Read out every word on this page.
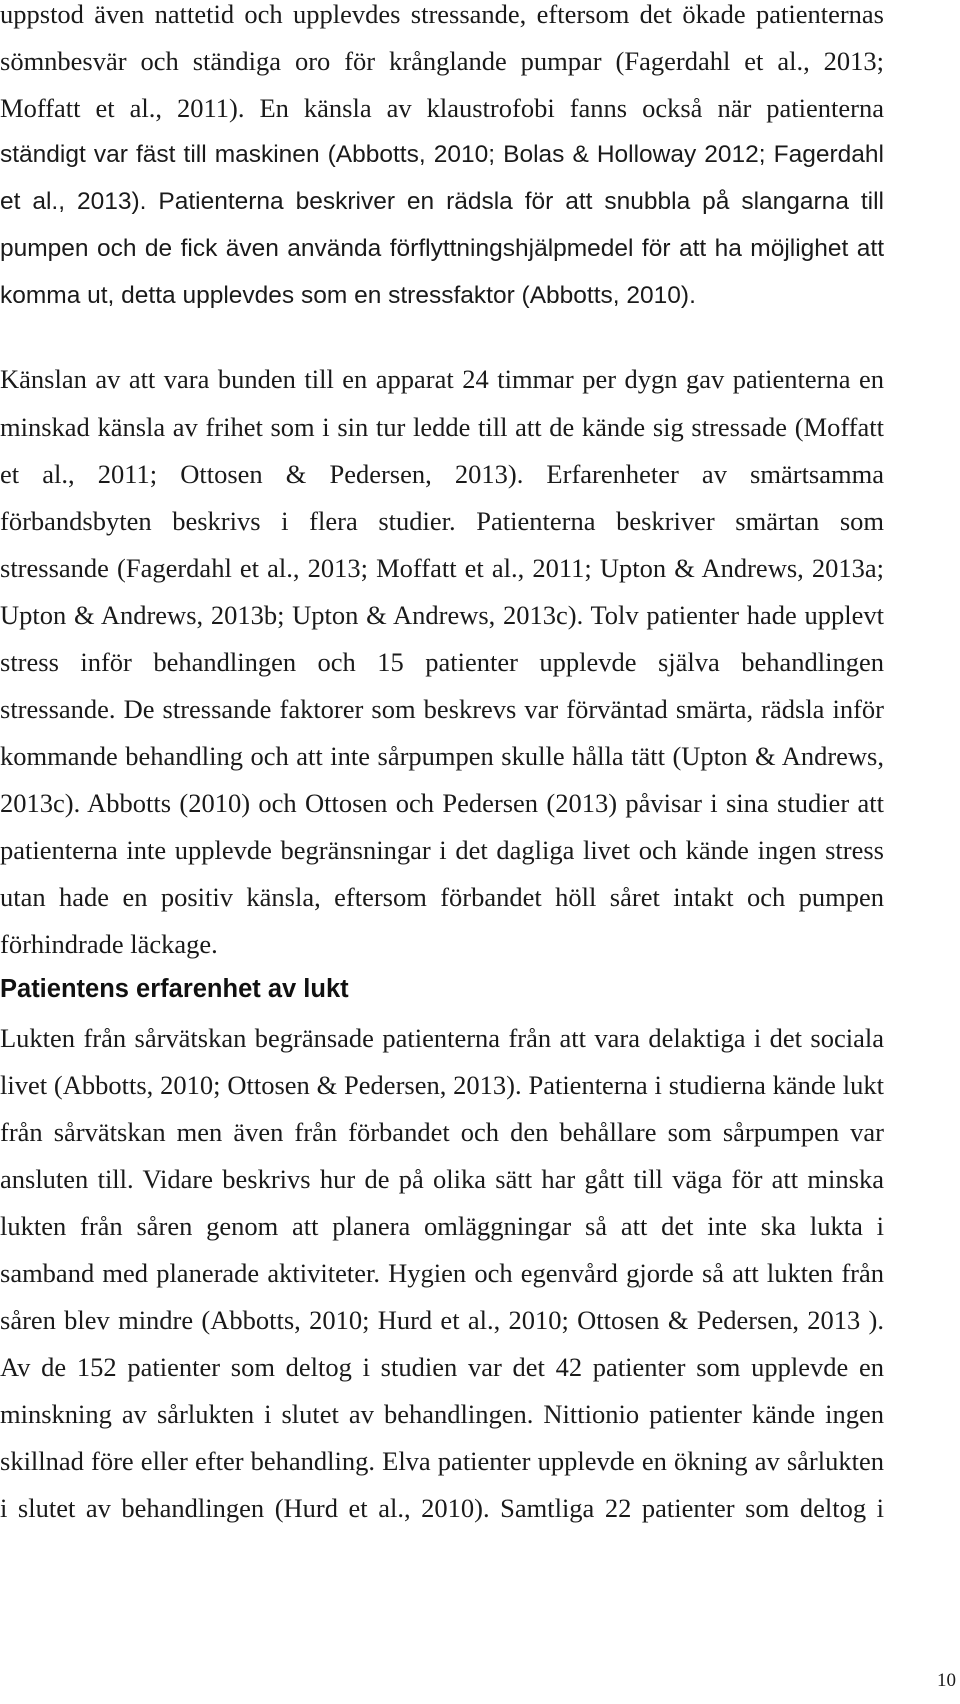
uppstod även nattetid och upplevdes stressande, eftersom det ökade patienternas
sömnbesvär och ständiga oro för krånglande pumpar (Fagerdahl et al., 2013;
Moffatt et al., 2011). En känsla av klaustrofobi fanns också när patienterna
ständigt var fäst till maskinen (Abbotts, 2010; Bolas & Holloway 2012; Fagerdahl
et al., 2013). Patienterna beskriver en rädsla för att snubbla på slangarna till
pumpen och de fick även använda förflyttningshjälpmedel för att ha möjlighet att
komma ut, detta upplevdes som en stressfaktor (Abbotts, 2010).
Känslan av att vara bunden till en apparat 24 timmar per dygn gav patienterna en
minskad känsla av frihet som i sin tur ledde till att de kände sig stressade (Moffatt
et al., 2011; Ottosen & Pedersen, 2013). Erfarenheter av smärtsamma
förbandsbyten beskrivs i flera studier. Patienterna beskriver smärtan som
stressande (Fagerdahl et al., 2013; Moffatt et al., 2011; Upton & Andrews, 2013a;
Upton & Andrews, 2013b; Upton & Andrews, 2013c). Tolv patienter hade upplevt
stress inför behandlingen och 15 patienter upplevde själva behandlingen
stressande. De stressande faktorer som beskrevs var förväntad smärta, rädsla inför
kommande behandling och att inte sårpumpen skulle hålla tätt (Upton & Andrews,
2013c). Abbotts (2010) och Ottosen och Pedersen (2013) påvisar i sina studier att
patienterna inte upplevde begränsningar i det dagliga livet och kände ingen stress
utan hade en positiv känsla, eftersom förbandet höll såret intakt och pumpen
förhindrade läckage.
Patientens erfarenhet av lukt
Lukten från sårvätskan begränsade patienterna från att vara delaktiga i det sociala
livet (Abbotts, 2010; Ottosen & Pedersen, 2013). Patienterna i studierna kände lukt
från sårvätskan men även från förbandet och den behållare som sårpumpen var
ansluten till. Vidare beskrivs hur de på olika sätt har gått till väga för att minska
lukten från såren genom att planera omläggningar så att det inte ska lukta i
samband med planerade aktiviteter. Hygien och egenvård gjorde så att lukten från
såren blev mindre (Abbotts, 2010; Hurd et al., 2010; Ottosen & Pedersen, 2013 ).
Av de 152 patienter som deltog i studien var det 42 patienter som upplevde en
minskning av sårlukten i slutet av behandlingen. Nittionio patienter kände ingen
skillnad före eller efter behandling. Elva patienter upplevde en ökning av sårlukten
i slutet av behandlingen (Hurd et al., 2010). Samtliga 22 patienter som deltog i
10
